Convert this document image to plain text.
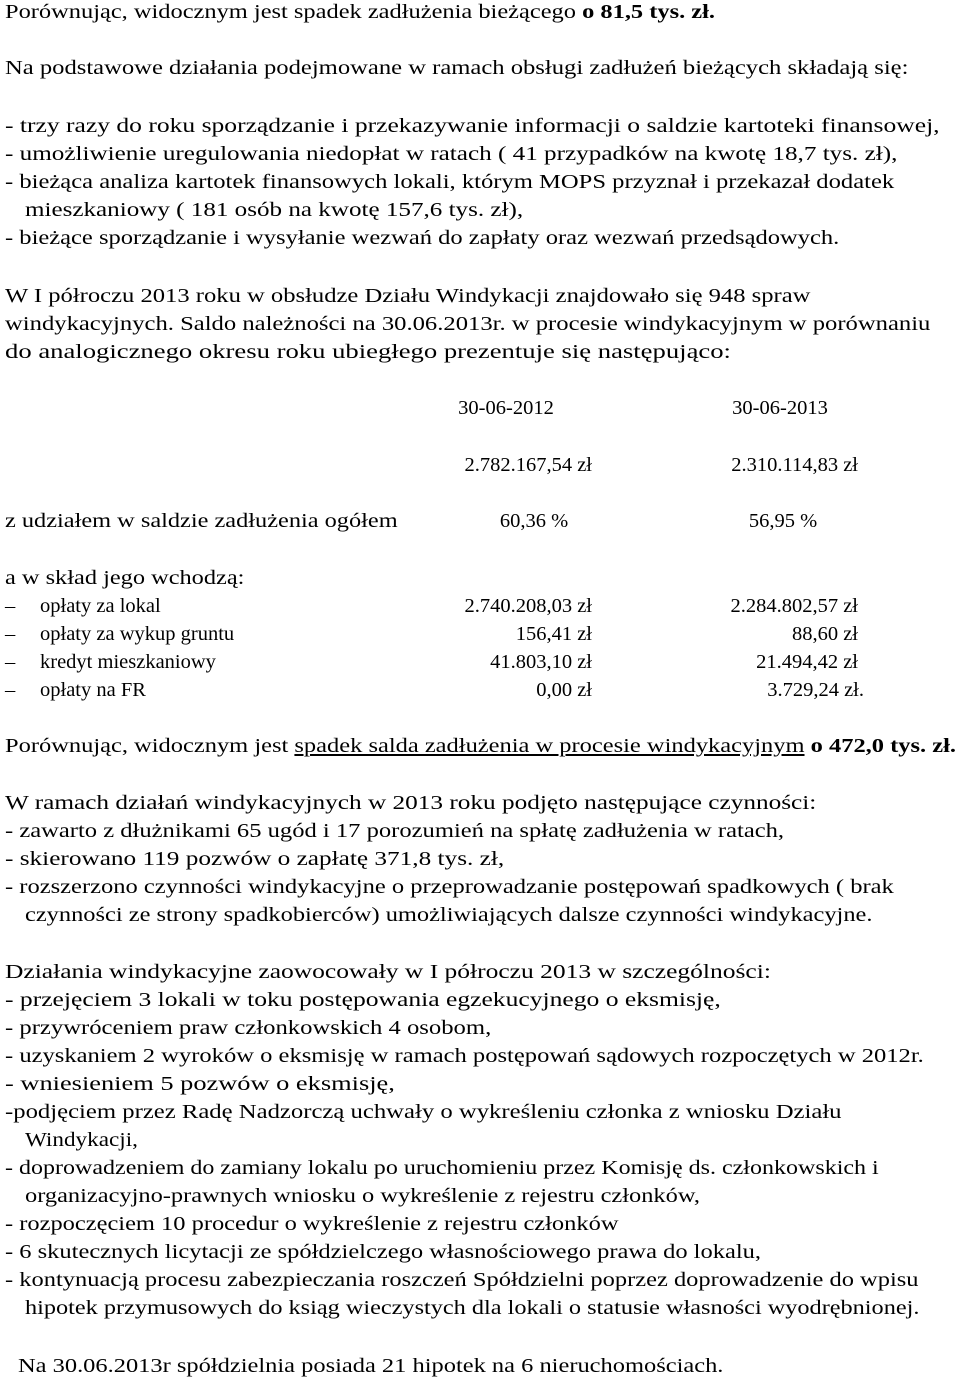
Porównując, widocznym jest spadek zadłużenia bieżącego o 81,5 tys. zł.
Na podstawowe działania podejmowane w ramach obsługi zadłużeń bieżących składają się:
- trzy razy do roku sporządzanie i przekazywanie informacji o saldzie kartoteki finansowej,
- umożliwienie uregulowania niedopłat w ratach ( 41 przypadków na kwotę 18,7 tys. zł),
- bieżąca analiza kartotek finansowych lokali, którym MOPS przyznał i przekazał dodatek
mieszkaniowy ( 181 osób na kwotę 157,6 tys. zł),
- bieżące sporządzanie i wysyłanie wezwań do zapłaty oraz wezwań przedsądowych.
W I półroczu 2013 roku w obsłudze Działu Windykacji znajdowało się 948 spraw
windykacyjnych. Saldo należności na 30.06.2013r. w procesie windykacyjnym w porównaniu
do analogicznego okresu roku ubiegłego prezentuje się następująco:
30-06-2012	30-06-2013
2.782.167,54 zł	2.310.114,83 zł
z udziałem w saldzie zadłużenia ogółem	60,36 %	56,95 %
a w skład jego wchodzą:
– opłaty za lokal	2.740.208,03 zł	2.284.802,57 zł
– opłaty za wykup gruntu	156,41 zł	88,60 zł
– kredyt mieszkaniowy	41.803,10 zł	21.494,42 zł
– opłaty na FR	0,00 zł	3.729,24 zł.
Porównując, widocznym jest spadek salda zadłużenia w procesie windykacyjnym o 472,0 tys. zł.
W ramach działań windykacyjnych w 2013 roku podjęto następujące czynności:
- zawarto z dłużnikami 65 ugód i 17 porozumień na spłatę zadłużenia w ratach,
- skierowano 119 pozwów o zapłatę 371,8 tys. zł,
- rozszerzono czynności windykacyjne o przeprowadzanie postępowań spadkowych ( brak
czynności ze strony spadkobierców) umożliwiających dalsze czynności windykacyjne.
Działania windykacyjne zaowocowały w I półroczu 2013 w szczególności:
- przejęciem 3 lokali w toku postępowania egzekucyjnego o eksmisję,
- przywróceniem praw członkowskich 4 osobom,
- uzyskaniem 2 wyroków o eksmisję w ramach postępowań sądowych rozpoczętych w 2012r.
- wniesieniem 5 pozwów o eksmisję,
-podjęciem przez Radę Nadzorczą uchwały o wykreśleniu członka z wniosku Działu
Windykacji,
- doprowadzeniem do zamiany lokalu po uruchomieniu przez Komisję ds. członkowskich i
organizacyjno-prawnych wniosku o wykreślenie z rejestru członków,
- rozpoczęciem 10 procedur o wykreślenie z rejestru członków
- 6 skutecznych licytacji ze spółdzielczego własnościowego prawa do lokalu,
- kontynuacją procesu zabezpieczania roszczeń Spółdzielni poprzez doprowadzenie do wpisu
hipotek przymusowych do ksiąg wieczystych dla lokali o statusie własności wyodrębnionej.
Na 30.06.2013r spółdzielnia posiada 21 hipotek na 6 nieruchomościach.
